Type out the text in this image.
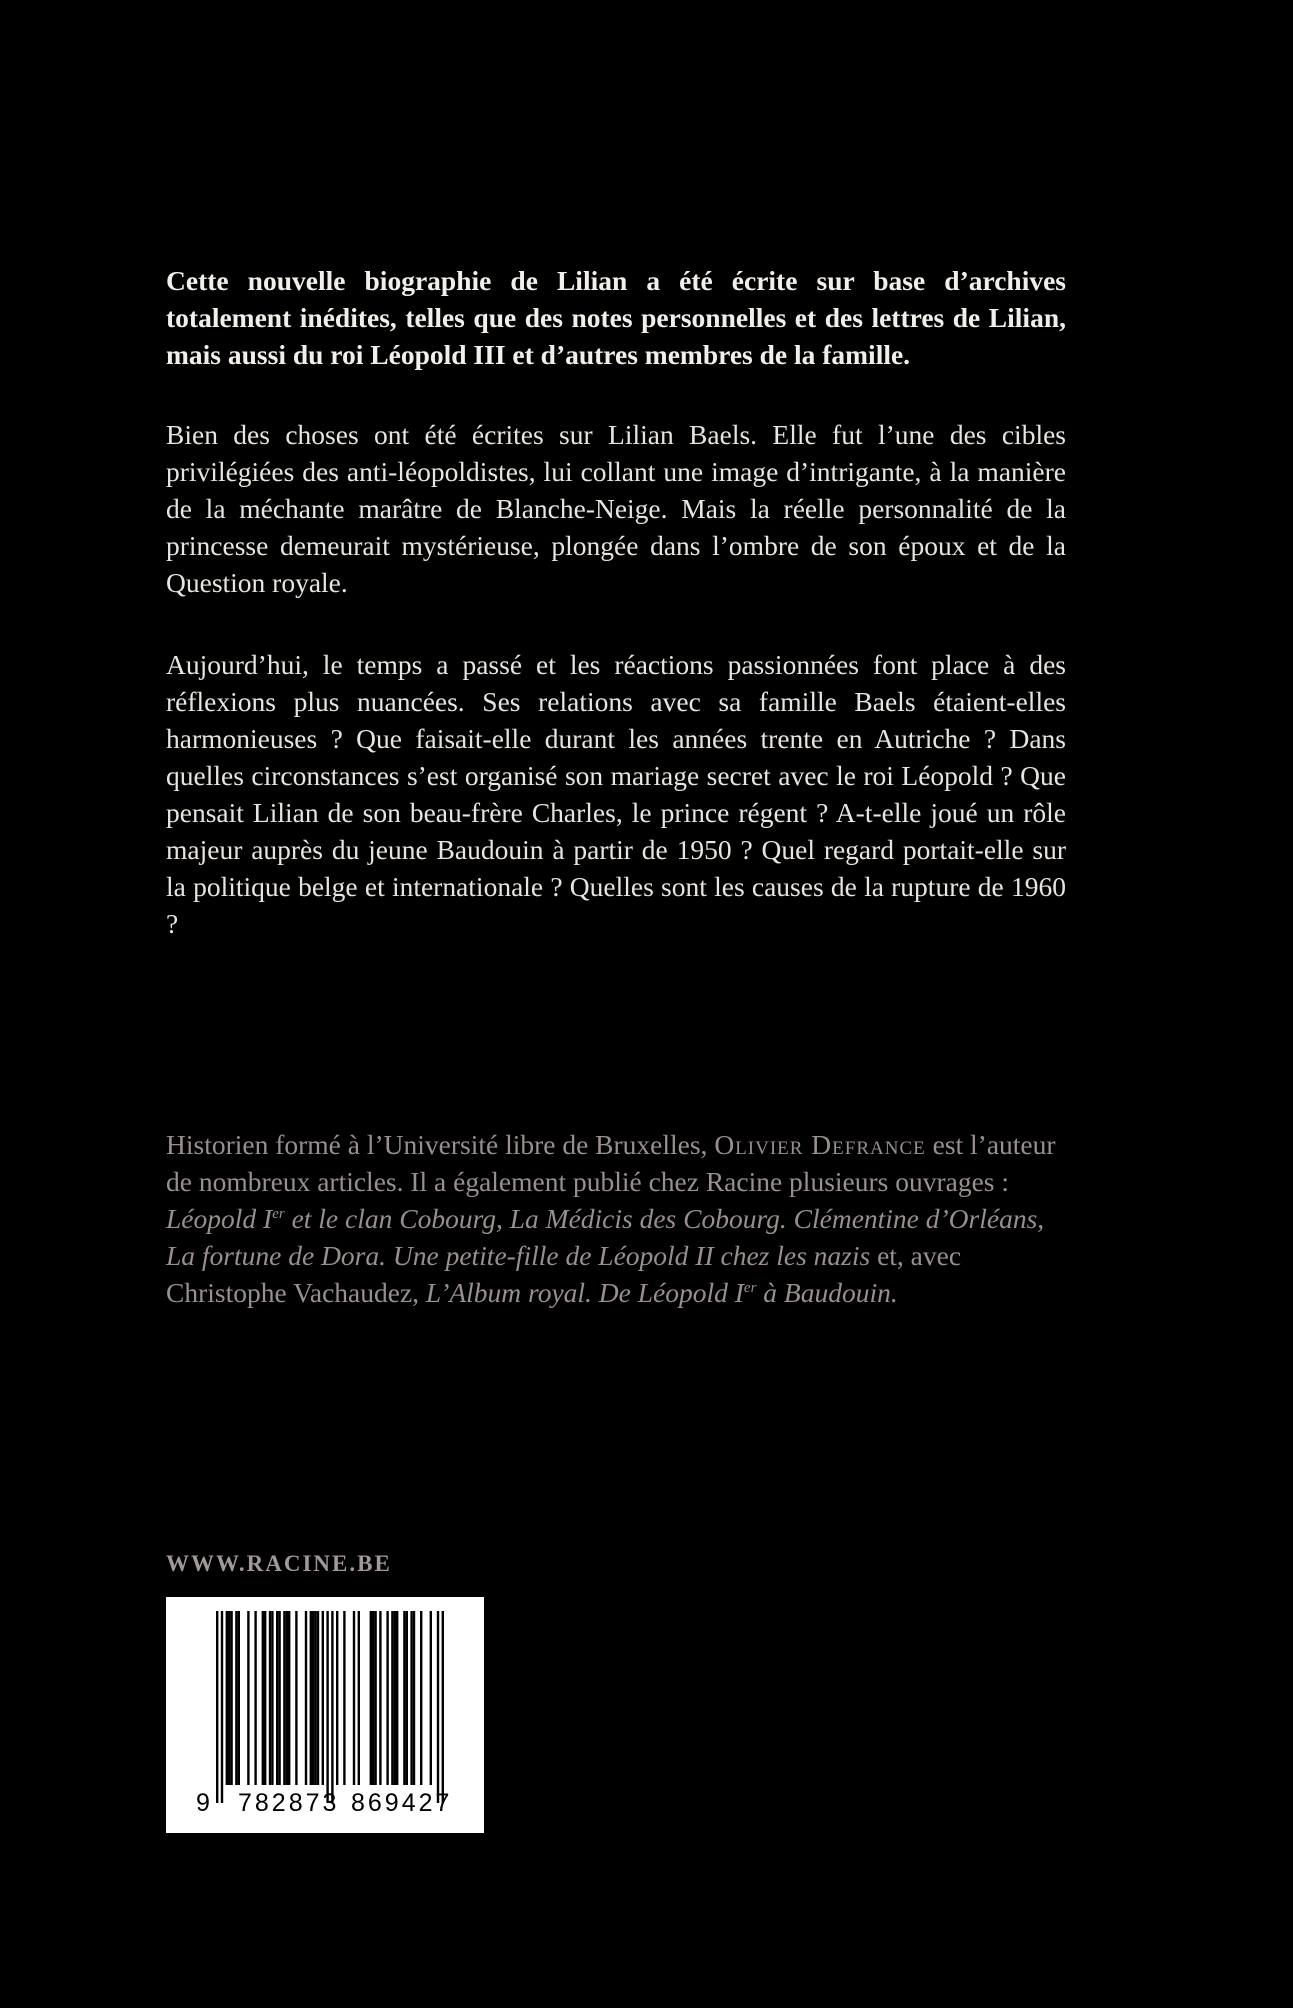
Cette nouvelle biographie de Lilian a été écrite sur base d’archives totalement inédites, telles que des notes personnelles et des lettres de Lilian, mais aussi du roi Léopold III et d’autres membres de la famille.

Bien des choses ont été écrites sur Lilian Baels. Elle fut l’une des cibles privilégiées des anti-léopoldistes, lui collant une image d’intrigante, à la manière de la méchante marâtre de Blanche-Neige. Mais la réelle personnalité de la princesse demeurait mystérieuse, plongée dans l’ombre de son époux et de la Question royale.

Aujourd’hui, le temps a passé et les réactions passionnées font place à des réflexions plus nuancées. Ses relations avec sa famille Baels étaient-elles harmonieuses ? Que faisait-elle durant les années trente en Autriche ? Dans quelles circonstances s’est organisé son mariage secret avec le roi Léopold ? Que pensait Lilian de son beau-frère Charles, le prince régent ? A-t-elle joué un rôle majeur auprès du jeune Baudouin à partir de 1950 ? Quel regard portait-elle sur la politique belge et internationale ? Quelles sont les causes de la rupture de 1960 ?

Historien formé à l’Université libre de Bruxelles, Olivier Defrance est l’auteur de nombreux articles. Il a également publié chez Racine plusieurs ouvrages : Léopold Ier et le clan Cobourg, La Médicis des Cobourg. Clémentine d’Orléans, La fortune de Dora. Une petite-fille de Léopold II chez les nazis et, avec Christophe Vachaudez, L’Album royal. De Léopold Ier à Baudouin.
WWW.RACINE.BE
9 782873 869427
